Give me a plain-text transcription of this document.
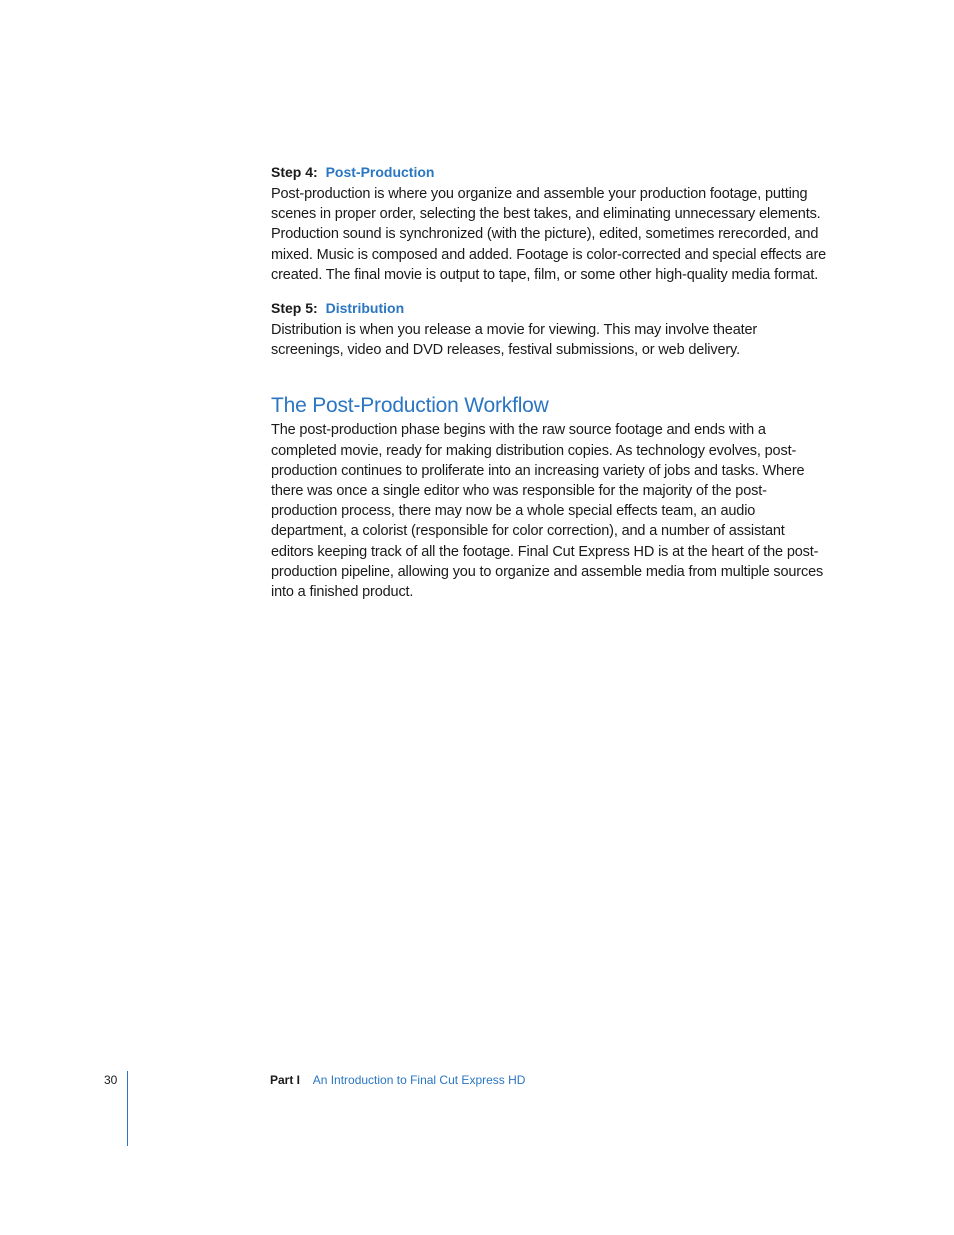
Step 4: Post-Production

Post-production is where you organize and assemble your production footage, putting scenes in proper order, selecting the best takes, and eliminating unnecessary elements. Production sound is synchronized (with the picture), edited, sometimes rerecorded, and mixed. Music is composed and added. Footage is color-corrected and special effects are created. The final movie is output to tape, film, or some other high-quality media format.

Step 5: Distribution

Distribution is when you release a movie for viewing. This may involve theater screenings, video and DVD releases, festival submissions, or web delivery.

The Post-Production Workflow

The post-production phase begins with the raw source footage and ends with a completed movie, ready for making distribution copies. As technology evolves, post-production continues to proliferate into an increasing variety of jobs and tasks. Where there was once a single editor who was responsible for the majority of the post-production process, there may now be a whole special effects team, an audio department, a colorist (responsible for color correction), and a number of assistant editors keeping track of all the footage. Final Cut Express HD is at the heart of the post-production pipeline, allowing you to organize and assemble media from multiple sources into a finished product.

30	Part I An Introduction to Final Cut Express HD
